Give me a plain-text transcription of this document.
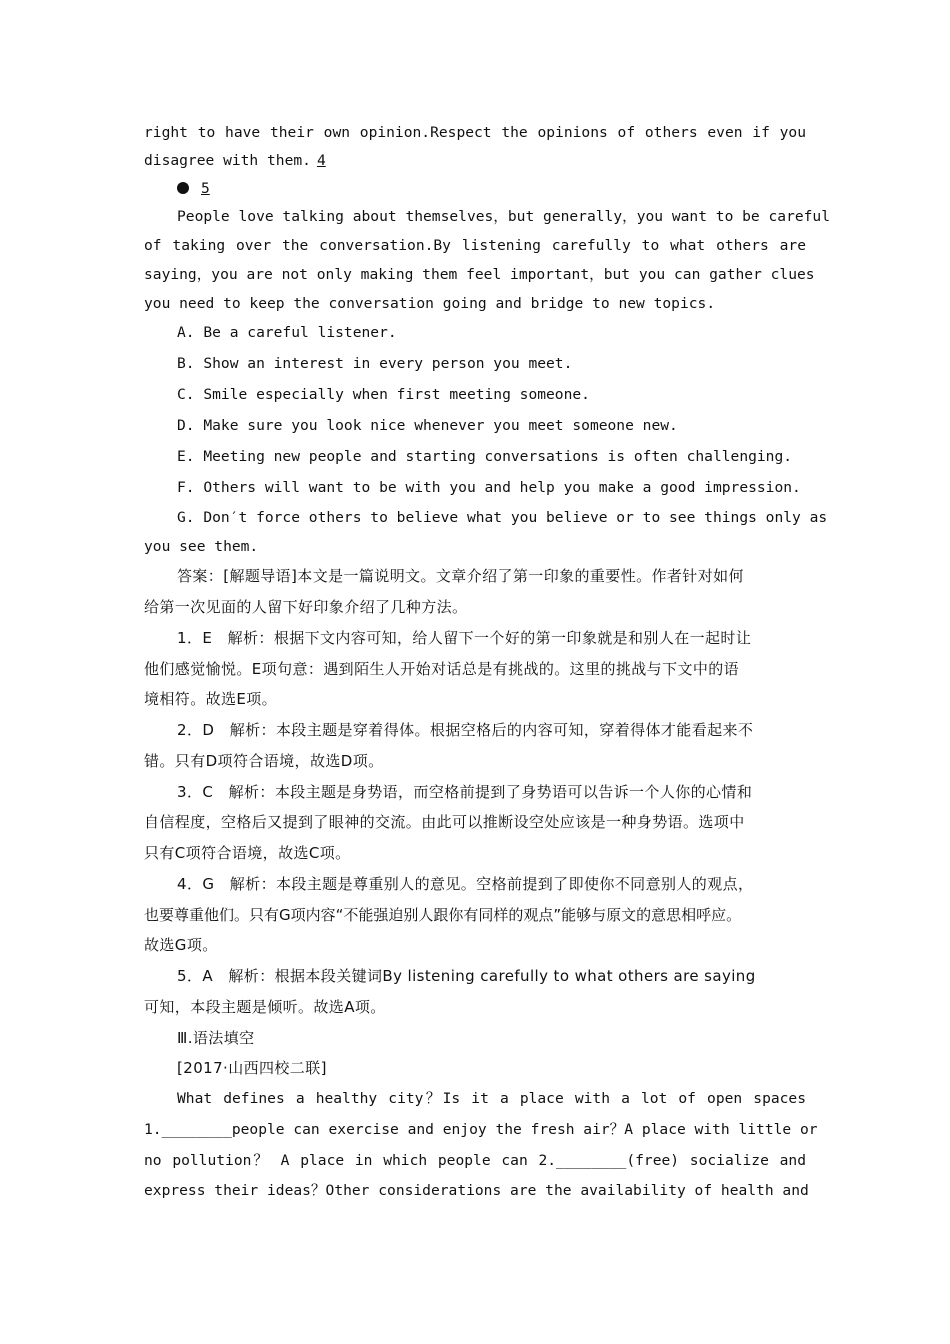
right to have their own opinion.Respect the opinions of others even if you

disagree with them. 4

5

People love talking about themselves，but generally，you want to be careful

of taking over the conversation.By listening carefully to what others are

saying，you are not only making them feel important，but you can gather clues

you need to keep the conversation going and bridge to new topics.

A. Be a careful listener.

B. Show an interest in every person you meet.

C. Smile especially when first meeting someone.

D. Make sure you look nice whenever you meet someone new.

E. Meeting new people and starting conversations is often challenging.

F. Others will want to be with you and help you make a good impression.

G. Don′t force others to believe what you believe or to see things only as

you see them.

答案：[解题导语]本文是一篇说明文。文章介绍了第一印象的重要性。作者针对如何

给第一次见面的人留下好印象介绍了几种方法。

1．E　解析：根据下文内容可知，给人留下一个好的第一印象就是和别人在一起时让

他们感觉愉悦。E项句意：遇到陌生人开始对话总是有挑战的。这里的挑战与下文中的语

境相符。故选E项。

2．D　解析：本段主题是穿着得体。根据空格后的内容可知，穿着得体才能看起来不

错。只有D项符合语境，故选D项。

3．C　解析：本段主题是身势语，而空格前提到了身势语可以告诉一个人你的心情和

自信程度，空格后又提到了眼神的交流。由此可以推断设空处应该是一种身势语。选项中

只有C项符合语境，故选C项。

4．G　解析：本段主题是尊重别人的意见。空格前提到了即使你不同意别人的观点，

也要尊重他们。只有G项内容“不能强迫别人跟你有同样的观点”能够与原文的意思相呼应。

故选G项。

5．A　解析：根据本段关键词By listening carefully to what others are saying

可知，本段主题是倾听。故选A项。

Ⅲ.语法填空

[2017·山西四校二联]

What defines a healthy city？Is it a place with a lot of open spaces

1.________people can exercise and enjoy the fresh air？A place with little or

no pollution？ A place in which people can 2.________(free) socialize and

express their ideas？Other considerations are the availability of health and
